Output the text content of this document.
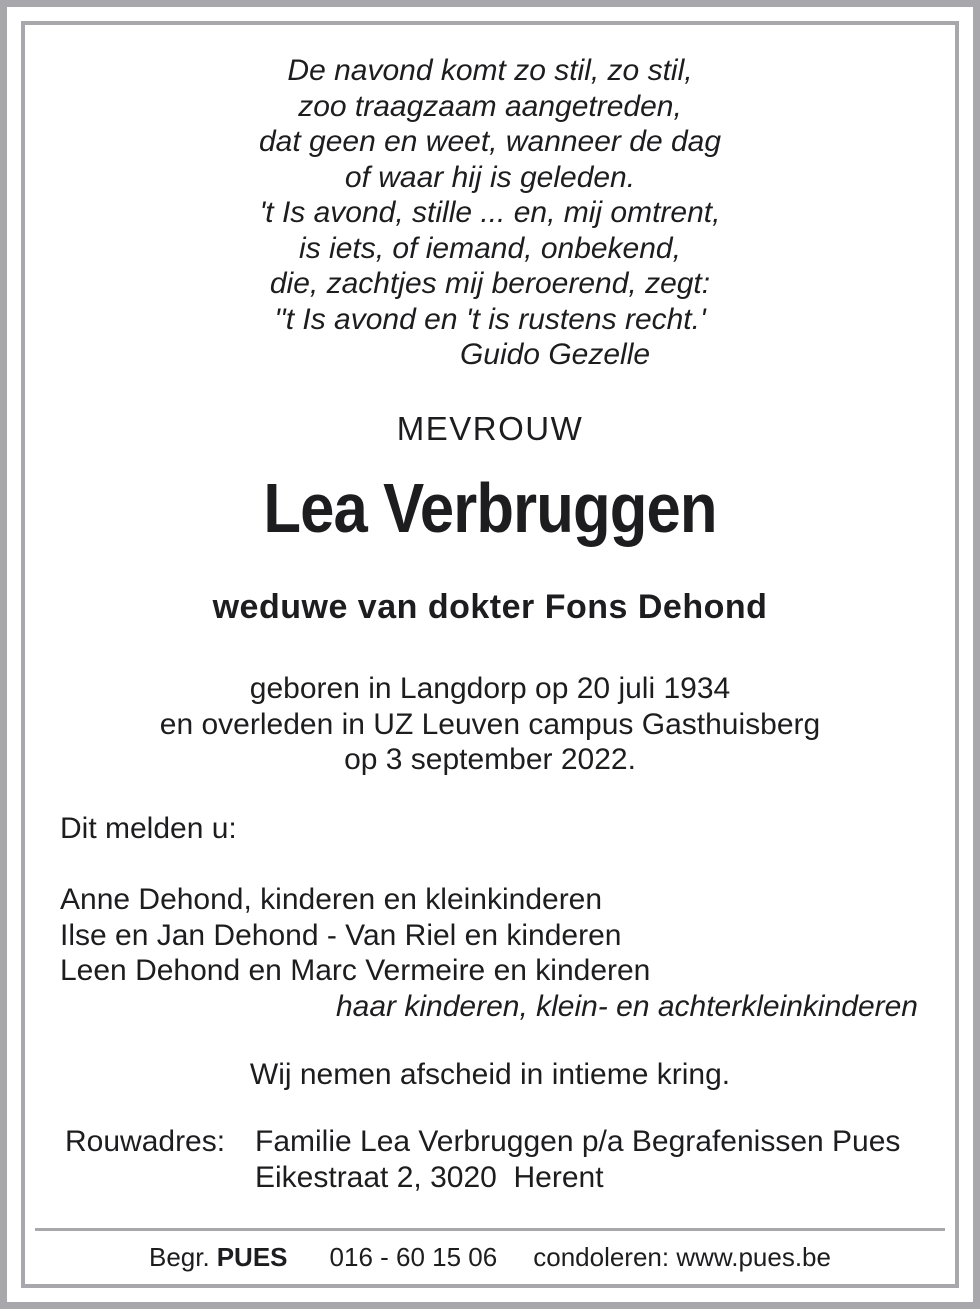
De navond komt zo stil, zo stil,
zoo traagzaam aangetreden,
dat geen en weet, wanneer de dag
of waar hij is geleden.
't Is avond, stille ... en, mij omtrent,
is iets, of iemand, onbekend,
die, zachtjes mij beroerend, zegt:
''t Is avond en 't is rustens recht.'
Guido Gezelle
MEVROUW
Lea Verbruggen
weduwe van dokter Fons Dehond
geboren in Langdorp op 20 juli 1934
en overleden in UZ Leuven campus Gasthuisberg
op 3 september 2022.
Dit melden u:
Anne Dehond, kinderen en kleinkinderen
Ilse en Jan Dehond - Van Riel en kinderen
Leen Dehond en Marc Vermeire en kinderen
haar kinderen, klein- en achterkleinkinderen
Wij nemen afscheid in intieme kring.
Rouwadres: Familie Lea Verbruggen p/a Begrafenissen Pues
Eikestraat 2, 3020  Herent
Begr. PUES 016 - 60 15 06 condoleren: www.pues.be
